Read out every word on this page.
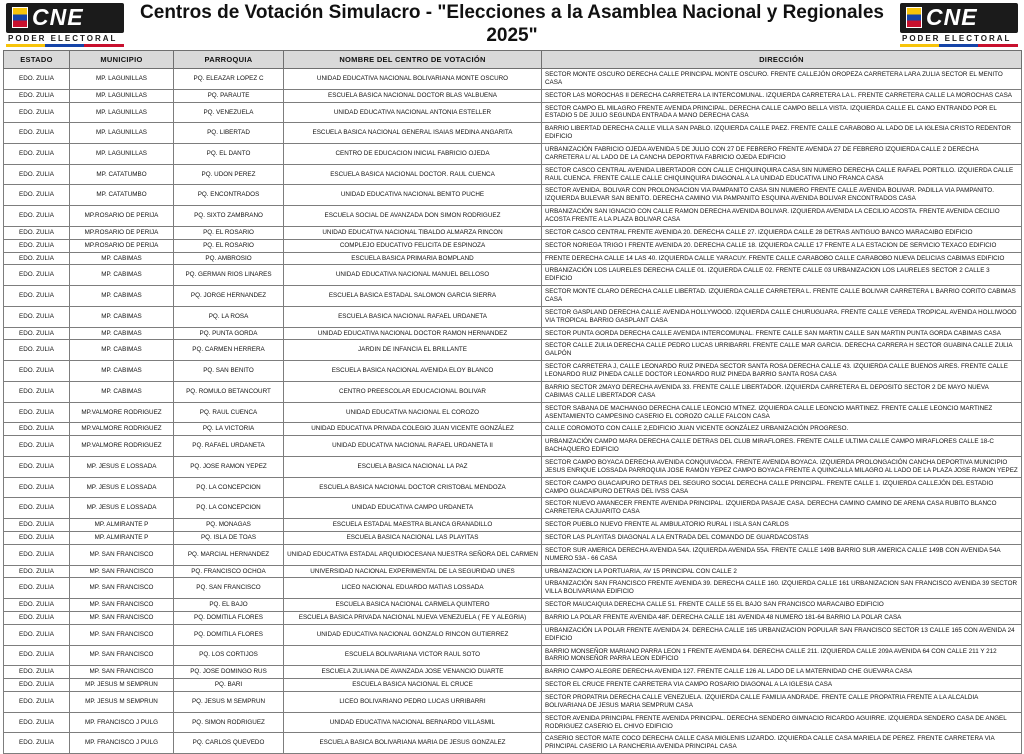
CNE
PODER ELECTORAL
Centros de Votación Simulacro - "Elecciones a la Asamblea Nacional y Regionales 2025"
CNE
PODER ELECTORAL
ESTADO	MUNICIPIO	PARROQUIA	NOMBRE DEL CENTRO DE VOTACIÓN	DIRECCIÓN
EDO. ZULIA	MP. LAGUNILLAS	PQ. ELEAZAR LOPEZ C	UNIDAD EDUCATIVA NACIONAL BOLIVARIANA MONTE OSCURO	SECTOR MONTE OSCURO DERECHA CALLE PRINCIPAL MONTE OSCURO. FRENTE CALLEJÓN OROPEZA CARRETERA LARA ZULIA SECTOR EL MENITO CASA
EDO. ZULIA	MP. LAGUNILLAS	PQ. PARAUTE	ESCUELA BASICA NACIONAL DOCTOR BLAS VALBUENA	SECTOR LAS MOROCHAS II DERECHA CARRETERA LA INTERCOMUNAL. IZQUIERDA CARRETERA LA L. FRENTE CARRETERA CALLE LA MOROCHAS CASA
EDO. ZULIA	MP. LAGUNILLAS	PQ. VENEZUELA	UNIDAD EDUCATIVA NACIONAL ANTONIA ESTELLER	SECTOR CAMPO EL MILAGRO FRENTE AVENIDA PRINCIPAL. DERECHA CALLE CAMPO BELLA VISTA. IZQUIERDA CALLE EL CANO ENTRANDO POR EL ESTADIO 5 DE JULIO SEGUNDA ENTRADA A MANO DERECHA CASA
EDO. ZULIA	MP. LAGUNILLAS	PQ. LIBERTAD	ESCUELA BASICA NACIONAL GENERAL ISAIAS MEDINA ANGARITA	BARRIO LIBERTAD DERECHA CALLE VILLA SAN PABLO. IZQUIERDA CALLE PAEZ. FRENTE CALLE CARABOBO AL LADO DE LA IGLESIA CRISTO REDENTOR EDIFICIO
EDO. ZULIA	MP. LAGUNILLAS	PQ. EL DANTO	CENTRO DE EDUCACION INICIAL FABRICIO OJEDA	URBANIZACIÓN FABRICIO OJEDA AVENIDA 5 DE JULIO CON 27 DE FEBRERO FRENTE AVENIDA 27 DE FEBRERO IZQUIERDA CALLE 2 DERECHA CARRETERA L/ AL LADO DE LA CANCHA DEPORTIVA FABRICIO OJEDA EDIFICIO
EDO. ZULIA	MP. CATATUMBO	PQ. UDON PEREZ	ESCUELA BASICA NACIONAL DOCTOR. RAUL CUENCA	SECTOR CASCO CENTRAL AVENIDA LIBERTADOR CON CALLE CHIQUINQUIRA CASA SIN NUMERO DERECHA CALLE RAFAEL PORTILLO. IZQUIERDA CALLE RAUL CUENCA. FRENTE CALLE CALLE CHIQUINQUIRA DIAGONAL A LA UNIDAD EDUCATIVA LINO FRANCA CASA
EDO. ZULIA	MP. CATATUMBO	PQ. ENCONTRADOS	UNIDAD EDUCATIVA NACIONAL BENITO PUCHE	SECTOR AVENIDA. BOLIVAR CON PROLONGACION VIA PAMPANITO CASA SIN NUMERO FRENTE CALLE AVENIDA BOLIVAR. PADILLA VIA PAMPANITO. IZQUIERDA BULEVAR SAN BENITO. DERECHA CAMINO VIA PAMPANITO ESQUINA AVENIDA BOLIVAR ENCONTRADOS CASA
EDO. ZULIA	MP.ROSARIO DE PERIJA	PQ. SIXTO ZAMBRANO	ESCUELA SOCIAL DE AVANZADA DON SIMON RODRIGUEZ	URBANIZACIÓN SAN IGNACIO CON CALLE RAMON DERECHA AVENIDA BOLIVAR. IZQUIERDA AVENIDA LA CECILIO ACOSTA. FRENTE AVENIDA CECILIO ACOSTA FRENTE A LA PLAZA BOLIVAR CASA
EDO. ZULIA	MP.ROSARIO DE PERIJA	PQ. EL ROSARIO	UNIDAD EDUCATIVA NACIONAL TIBALDO ALMARZA RINCON	SECTOR CASCO CENTRAL FRENTE AVENIDA 20. DERECHA CALLE 27. IZQUIERDA CALLE 28 DETRAS ANTIGUO BANCO MARACAIBO EDIFICIO
EDO. ZULIA	MP.ROSARIO DE PERIJA	PQ. EL ROSARIO	COMPLEJO EDUCATIVO FELICITA DE ESPINOZA	SECTOR NORIEGA TRIGO I FRENTE AVENIDA 20. DERECHA CALLE 18. IZQUIERDA CALLE 17 FRENTE A LA ESTACION DE SERVICIO TEXACO EDIFICIO
EDO. ZULIA	MP. CABIMAS	PQ. AMBROSIO	ESCUELA BASICA PRIMARIA BOMPLAND	FRENTE DERECHA CALLE 14 LAS 40. IZQUIERDA CALLE YARACUY. FRENTE CALLE CARABOBO CALLE CARABOBO NUEVA DELICIAS CABIMAS EDIFICIO
EDO. ZULIA	MP. CABIMAS	PQ. GERMAN RIOS LINARES	UNIDAD EDUCATIVA NACIONAL MANUEL BELLOSO	URBANIZACIÓN LOS LAURELES DERECHA CALLE 01. IZQUIERDA CALLE 02. FRENTE CALLE 03 URBANIZACION LOS LAURELES SECTOR 2 CALLE 3 EDIFICIO
EDO. ZULIA	MP. CABIMAS	PQ. JORGE HERNANDEZ	ESCUELA BASICA ESTADAL SALOMON GARCIA SIERRA	SECTOR MONTE CLARO DERECHA CALLE LIBERTAD. IZQUIERDA CALLE CARRETERA L. FRENTE CALLE BOLIVAR CARRETERA L BARRIO CORITO CABIMAS CASA
EDO. ZULIA	MP. CABIMAS	PQ. LA ROSA	ESCUELA BASICA NACIONAL RAFAEL URDANETA	SECTOR GASPLAND DERECHA CALLE AVENIDA HOLLYWOOD. IZQUIERDA CALLE CHURUGUARA. FRENTE CALLE VEREDA TROPICAL AVENIDA HOLLIWOOD VIA TROPICAL BARRIO GASPLANT CASA
EDO. ZULIA	MP. CABIMAS	PQ. PUNTA GORDA	UNIDAD EDUCATIVA NACIONAL DOCTOR RAMON HERNANDEZ	SECTOR PUNTA GORDA DERECHA CALLE AVENIDA INTERCOMUNAL. FRENTE CALLE SAN MARTIN CALLE SAN MARTIN PUNTA GORDA CABIMAS CASA
EDO. ZULIA	MP. CABIMAS	PQ. CARMEN HERRERA	JARDIN DE INFANCIA EL BRILLANTE	SECTOR CALLE ZULIA DERECHA CALLE PEDRO LUCAS URRIBARRI. FRENTE CALLE MAR GARCIA. DERECHA CARRERA H SECTOR GUABINA CALLE ZULIA GALPÓN
EDO. ZULIA	MP. CABIMAS	PQ. SAN BENITO	ESCUELA BASICA NACIONAL AVENIDA ELOY BLANCO	SECTOR CARRETERA J, CALLE LEONARDO RUIZ PINEDA SECTOR SANTA ROSA DERECHA CALLE 43. IZQUIERDA CALLE BUENOS AIRES. FRENTE CALLE LEONARDO RUIZ PINEDA CALLE DOCTOR LEONARDO RUIZ PINEDA BARRIO SANTA ROSA CASA
EDO. ZULIA	MP. CABIMAS	PQ. ROMULO BETANCOURT	CENTRO PREESCOLAR EDUCACIONAL BOLIVAR	BARRIO SECTOR 2MAYO DERECHA AVENIDA 33. FRENTE CALLE LIBERTADOR. IZQUIERDA CARRETERA EL DEPOSITO SECTOR 2 DE MAYO NUEVA CABIMAS CALLE LIBERTADOR CASA
EDO. ZULIA	MP.VALMORE RODRIGUEZ	PQ. RAUL CUENCA	UNIDAD EDUCATIVA NACIONAL EL COROZO	SECTOR SABANA DE MACHANGO DERECHA CALLE LEONCIO MTNEZ. IZQUIERDA CALLE LEONCIO MARTINEZ. FRENTE CALLE LEONCIO MARTINEZ ASENTAMIENTO CAMPESINO CASERIO EL COROZO CALLE FALCON CASA
EDO. ZULIA	MP.VALMORE RODRIGUEZ	PQ. LA VICTORIA	UNIDAD EDUCATIVA PRIVADA COLEGIO JUAN VICENTE GONZÁLEZ	CALLE COROMOTO CON CALLE 2,EDIFICIO JUAN VICENTE GONZÁLEZ URBANIZACIÓN PROGRESO.
EDO. ZULIA	MP.VALMORE RODRIGUEZ	PQ. RAFAEL URDANETA	UNIDAD EDUCATIVA NACIONAL RAFAEL URDANETA II	URBANIZACIÓN CAMPO MARA DERECHA CALLE DETRAS DEL CLUB MIRAFLORES. FRENTE CALLE ULTIMA CALLE CAMPO MIRAFLORES CALLE 18-C BACHAQUERO EDIFICIO
EDO. ZULIA	MP. JESUS E LOSSADA	PQ. JOSE RAMON YEPEZ	ESCUELA BASICA NACIONAL LA PAZ	SECTOR CAMPO BOYACA DERECHA AVENIDA CONQUIVACOA. FRENTE AVENIDA BOYACA. IZQUIERDA PROLONGACIÓN CANCHA DEPORTIVA MUNICIPIO JESUS ENRIQUE LOSSADA PARROQUIA JOSE RAMON YEPEZ CAMPO BOYACA FRENTE A QUINCALLA MILAGRO AL LADO DE LA PLAZA JOSE RAMON YEPEZ
EDO. ZULIA	MP. JESUS E LOSSADA	PQ. LA CONCEPCION	ESCUELA BASICA NACIONAL DOCTOR CRISTOBAL MENDOZA	SECTOR CAMPO GUACAIPURO DETRAS DEL SEGURO SOCIAL DERECHA CALLE PRINCIPAL. FRENTE CALLE 1. IZQUIERDA CALLEJÓN DEL ESTADIO CAMPO GUACAIPURO DETRAS DEL IVSS CASA
EDO. ZULIA	MP. JESUS E LOSSADA	PQ. LA CONCEPCION	UNIDAD EDUCATIVA CAMPO URDANETA	SECTOR NUEVO AMANECER FRENTE AVENIDA PRINCIPAL. IZQUIERDA PASAJE CASA. DERECHA CAMINO CAMINO DE ARENA CASA RUBITO BLANCO CARRETERA CAJUARITO CASA
EDO. ZULIA	MP. ALMIRANTE P	PQ. MONAGAS	ESCUELA ESTADAL MAESTRA BLANCA GRANADILLO	SECTOR PUEBLO NUEVO FRENTE AL AMBULATORIO RURAL I ISLA SAN CARLOS
EDO. ZULIA	MP. ALMIRANTE P	PQ. ISLA DE TOAS	ESCUELA BASICA NACIONAL LAS PLAYITAS	SECTOR LAS PLAYITAS DIAGONAL A LA ENTRADA DEL COMANDO DE GUARDACOSTAS
EDO. ZULIA	MP. SAN FRANCISCO	PQ. MARCIAL HERNANDEZ	UNIDAD EDUCATIVA ESTADAL ARQUIDIOCESANA NUESTRA SEÑORA DEL CARMEN	SECTOR SUR AMERICA DERECHA AVENIDA 54A. IZQUIERDA AVENIDA 55A. FRENTE CALLE 149B BARRIO SUR AMERICA CALLE 149B CON AVENIDA 54A NUMERO 53A - 66 CASA
EDO. ZULIA	MP. SAN FRANCISCO	PQ. FRANCISCO OCHOA	UNIVERSIDAD NACIONAL EXPERIMENTAL DE LA SEGURIDAD UNES	URBANIZACION LA PORTUARIA, AV 15 PRINCIPAL CON CALLE 2
EDO. ZULIA	MP. SAN FRANCISCO	PQ. SAN FRANCISCO	LICEO NACIONAL EDUARDO MATIAS LOSSADA	URBANIZACIÓN SAN FRANCISCO FRENTE AVENIDA 39. DERECHA CALLE 160. IZQUIERDA CALLE 161 URBANIZACION SAN FRANCISCO AVENIDA 39 SECTOR VILLA BOLIVARIANA EDIFICIO
EDO. ZULIA	MP. SAN FRANCISCO	PQ. EL BAJO	ESCUELA BASICA NACIONAL CARMELA QUINTERO	SECTOR MAUCAIQUIA DERECHA CALLE 51. FRENTE CALLE 55 EL BAJO SAN FRANCISCO MARACAIBO EDIFICIO
EDO. ZULIA	MP. SAN FRANCISCO	PQ. DOMITILA FLORES	ESCUELA BASICA PRIVADA NACIONAL NUEVA VENEZUELA ( FE Y ALEGRIA)	BARRIO LA POLAR FRENTE AVENIDA 48F. DERECHA CALLE 181 AVENIDA 48 NUMERO 181-64 BARRIO LA POLAR CASA
EDO. ZULIA	MP. SAN FRANCISCO	PQ. DOMITILA FLORES	UNIDAD EDUCATIVA NACIONAL GONZALO RINCON GUTIERREZ	URBANIZACIÓN LA POLAR FRENTE AVENIDA 24. DERECHA CALLE 165 URBANIZACION POPULAR SAN FRANCISCO SECTOR 13 CALLE 165 CON AVENIDA 24 EDIFICIO
EDO. ZULIA	MP. SAN FRANCISCO	PQ. LOS CORTIJOS	ESCUELA BOLIVARIANA VICTOR RAUL SOTO	BARRIO MONSEÑOR MARIANO PARRA LEON 1 FRENTE AVENIDA 64. DERECHA CALLE 211. IZQUIERDA CALLE 209A AVENIDA 64 CON CALLE 211 Y 212 BARRIO MONSEÑOR PARRA LEON EDIFICIO
EDO. ZULIA	MP. SAN FRANCISCO	PQ. JOSE DOMINGO RUS	ESCUELA ZULIANA DE AVANZADA JOSE VENANCIO DUARTE	BARRIO CAMPO ALEGRE DERECHA AVENIDA 127. FRENTE CALLE 126 AL LADO DE LA MATERNIDAD CHE GUEVARA CASA
EDO. ZULIA	MP. JESUS M SEMPRUN	PQ. BARI	ESCUELA BASICA NACIONAL EL CRUCE	SECTOR EL CRUCE FRENTE CARRETERA VIA CAMPO ROSARIO DIAGONAL A LA IGLESIA CASA
EDO. ZULIA	MP. JESUS M SEMPRUN	PQ. JESUS M SEMPRUN	LICEO BOLIVARIANO PEDRO LUCAS URRIBARRI	SECTOR PROPATRIA DERECHA CALLE VENEZUELA. IZQUIERDA CALLE FAMILIA ANDRADE. FRENTE CALLE PROPATRIA FRENTE A LA ALCALDIA BOLIVARIANA DE JESUS MARIA SEMPRUM CASA
EDO. ZULIA	MP. FRANCISCO J PULG	PQ. SIMON RODRIGUEZ	UNIDAD EDUCATIVA NACIONAL BERNARDO VILLASMIL	SECTOR AVENIDA PRINCIPAL FRENTE AVENIDA PRINCIPAL. DERECHA SENDERO GIMNACIO RICARDO AGUIRRE. IZQUIERDA SENDERO CASA DE ANGEL RODRIGUEZ CASERIO EL CHIVO EDIFICIO
EDO. ZULIA	MP. FRANCISCO J PULG	PQ. CARLOS QUEVEDO	ESCUELA BASICA BOLIVARIANA MARIA DE JESUS GONZALEZ	CASERIO SECTOR MATE COCO DERECHA CALLE CASA MIGLENIS LIZARDO. IZQUIERDA CALLE CASA MARIELA DE PEREZ. FRENTE CARRETERA VIA PRINCIPAL CASERIO LA RANCHERIA AVENIDA PRINCIPAL CASA
